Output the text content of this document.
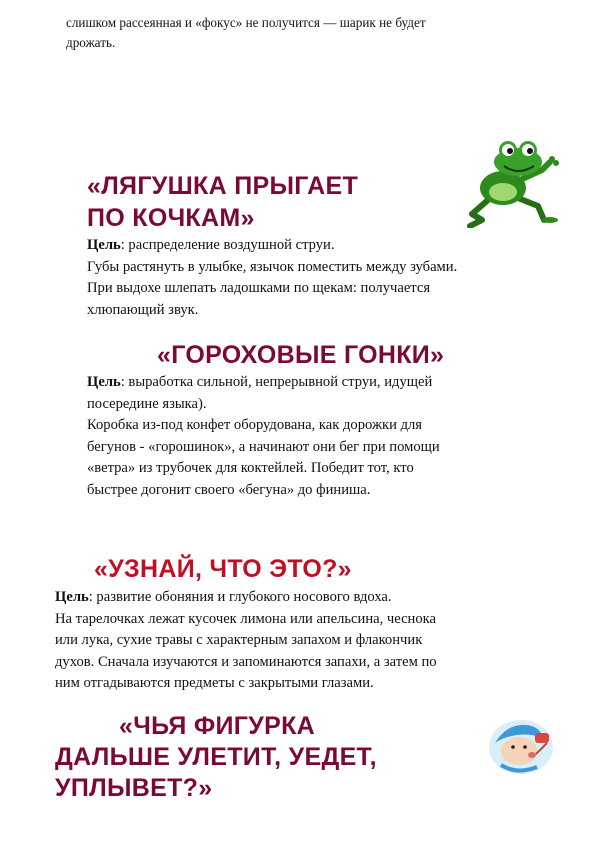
слишком рассеянная и «фокус» не получится — шарик не будет
дрожать.
«ЛЯГУШКА ПРЫГАЕТ
ПО КОЧКАМ»
Цель: распределение воздушной струи.
Губы растянуть в улыбке, язычок поместить между зубами.
При выдохе шлепать ладошками по щекам: получается
хлюпающий звук.
«ГОРОХОВЫЕ ГОНКИ»
Цель: выработка сильной, непрерывной струи, идущей
посередине языка).
Коробка из-под конфет оборудована, как дорожки для
бегунов - «горошинок», а начинают они бег при помощи
«ветра» из трубочек для коктейлей. Победит тот, кто
быстрее догонит своего «бегуна» до финиша.
«УЗНАЙ, ЧТО ЭТО?»
Цель: развитие обоняния и глубокого носового вдоха.
На тарелочках лежат кусочек лимона или апельсина, чеснока
или лука, сухие травы с характерным запахом и флакончик
духов. Сначала изучаются и запоминаются запахи, а затем по
ним отгадываются предметы с закрытыми глазами.
«ЧЬЯ ФИГУРКА
ДАЛЬШЕ УЛЕТИТ, УЕДЕТ,
УПЛЫВЕТ?»
